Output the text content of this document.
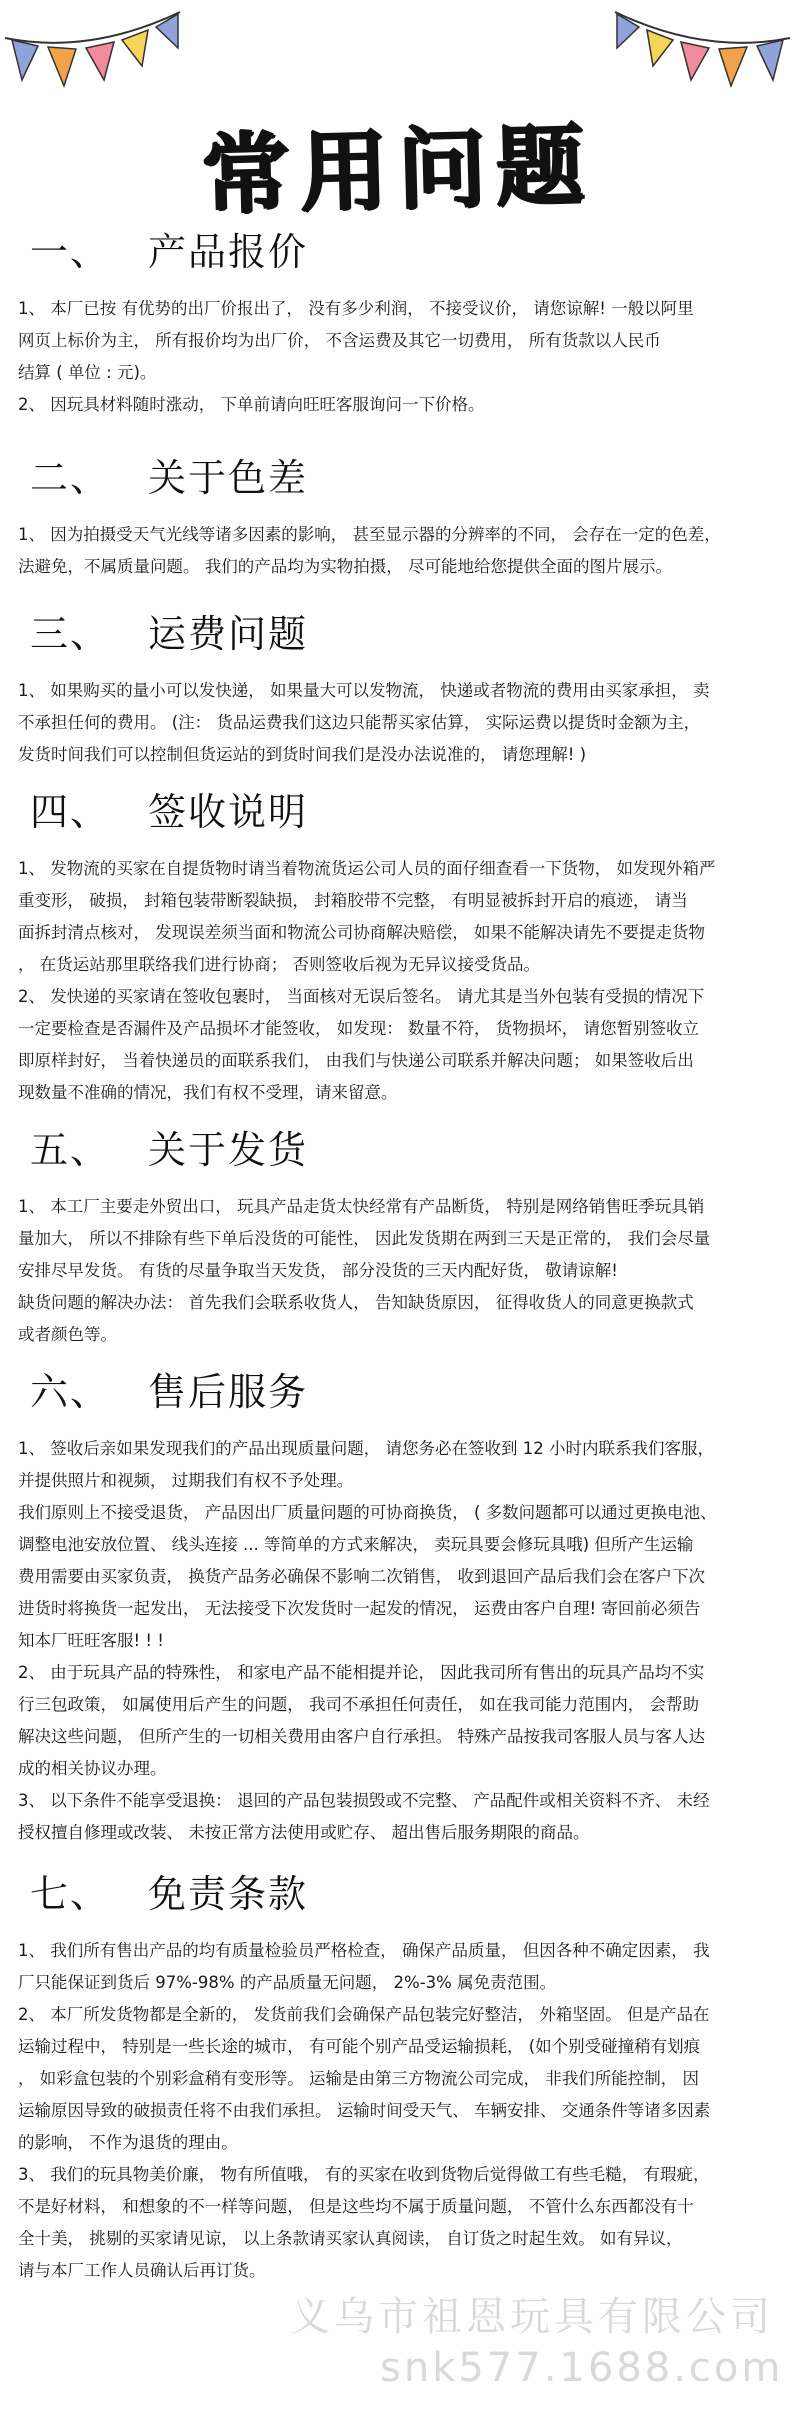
常用问题
一、 产品报价

1、 本厂已按 有优势的出厂价报出了， 没有多少利润， 不接受议价， 请您谅解! 一般以阿里

网页上标价为主， 所有报价均为出厂价， 不含运费及其它一切费用， 所有货款以人民币

结算 ( 单位 : 元)。

2、 因玩具材料随时涨动， 下单前请向旺旺客服询问一下价格。

二、 关于色差

1、 因为拍摄受天气光线等诸多因素的影响， 甚至显示器的分辨率的不同， 会存在一定的色差，

法避免，不属质量问题。 我们的产品均为实物拍摄， 尽可能地给您提供全面的图片展示。

三、 运费问题

1、 如果购买的量小可以发快递， 如果量大可以发物流， 快递或者物流的费用由买家承担， 卖

不承担任何的费用。 (注： 货品运费我们这边只能帮买家估算， 实际运费以提货时金额为主，

发货时间我们可以控制但货运站的到货时间我们是没办法说准的， 请您理解! )

四、 签收说明

1、 发物流的买家在自提货物时请当着物流货运公司人员的面仔细查看一下货物， 如发现外箱严

重变形， 破损， 封箱包装带断裂缺损， 封箱胶带不完整， 有明显被拆封开启的痕迹， 请当

面拆封清点核对， 发现误差须当面和物流公司协商解决赔偿， 如果不能解决请先不要提走货物

， 在货运站那里联络我们进行协商； 否则签收后视为无异议接受货品。

2、 发快递的买家请在签收包裹时， 当面核对无误后签名。 请尤其是当外包装有受损的情况下

一定要检查是否漏件及产品损坏才能签收， 如发现： 数量不符， 货物损坏， 请您暂别签收立

即原样封好， 当着快递员的面联系我们， 由我们与快递公司联系并解决问题； 如果签收后出

现数量不准确的情况，我们有权不受理，请来留意。

五、 关于发货

1、 本工厂主要走外贸出口， 玩具产品走货太快经常有产品断货， 特别是网络销售旺季玩具销

量加大， 所以不排除有些下单后没货的可能性， 因此发货期在两到三天是正常的， 我们会尽量

安排尽早发货。 有货的尽量争取当天发货， 部分没货的三天内配好货， 敬请谅解!

缺货问题的解决办法： 首先我们会联系收货人， 告知缺货原因， 征得收货人的同意更换款式

或者颜色等。

六、 售后服务

1、 签收后亲如果发现我们的产品出现质量问题， 请您务必在签收到 12 小时内联系我们客服，

并提供照片和视频， 过期我们有权不予处理。

我们原则上不接受退货， 产品因出厂质量问题的可协商换货， ( 多数问题都可以通过更换电池、

调整电池安放位置、 线头连接 ... 等简单的方式来解决， 卖玩具要会修玩具哦) 但所产生运输

费用需要由买家负责， 换货产品务必确保不影响二次销售， 收到退回产品后我们会在客户下次

进货时将换货一起发出， 无法接受下次发货时一起发的情况， 运费由客户自理! 寄回前必须告

知本厂旺旺客服! ! !

2、 由于玩具产品的特殊性， 和家电产品不能相提并论， 因此我司所有售出的玩具产品均不实

行三包政策， 如属使用后产生的问题， 我司不承担任何责任， 如在我司能力范围内， 会帮助

解决这些问题， 但所产生的一切相关费用由客户自行承担。 特殊产品按我司客服人员与客人达

成的相关协议办理。

3、 以下条件不能享受退换： 退回的产品包装损毁或不完整、 产品配件或相关资料不齐、 未经

授权擅自修理或改装、 未按正常方法使用或贮存、 超出售后服务期限的商品。

七、 免责条款

1、 我们所有售出产品的均有质量检验员严格检查， 确保产品质量， 但因各种不确定因素， 我

厂只能保证到货后 97%-98% 的产品质量无问题， 2%-3% 属免责范围。

2、 本厂所发货物都是全新的， 发货前我们会确保产品包装完好整洁， 外箱坚固。 但是产品在

运输过程中， 特别是一些长途的城市， 有可能个别产品受运输损耗， (如个别受碰撞稍有划痕

， 如彩盒包装的个别彩盒稍有变形等。 运输是由第三方物流公司完成， 非我们所能控制， 因

运输原因导致的破损责任将不由我们承担。 运输时间受天气、 车辆安排、 交通条件等诸多因素

的影响， 不作为退货的理由。

3、 我们的玩具物美价廉， 物有所值哦， 有的买家在收到货物后觉得做工有些毛糙， 有瑕疵，

不是好材料， 和想象的不一样等问题， 但是这些均不属于质量问题， 不管什么东西都没有十

全十美， 挑剔的买家请见谅， 以上条款请买家认真阅读， 自订货之时起生效。 如有异议，

请与本厂工作人员确认后再订货。

义乌市祖恩玩具有限公司
snk577.1688.com
